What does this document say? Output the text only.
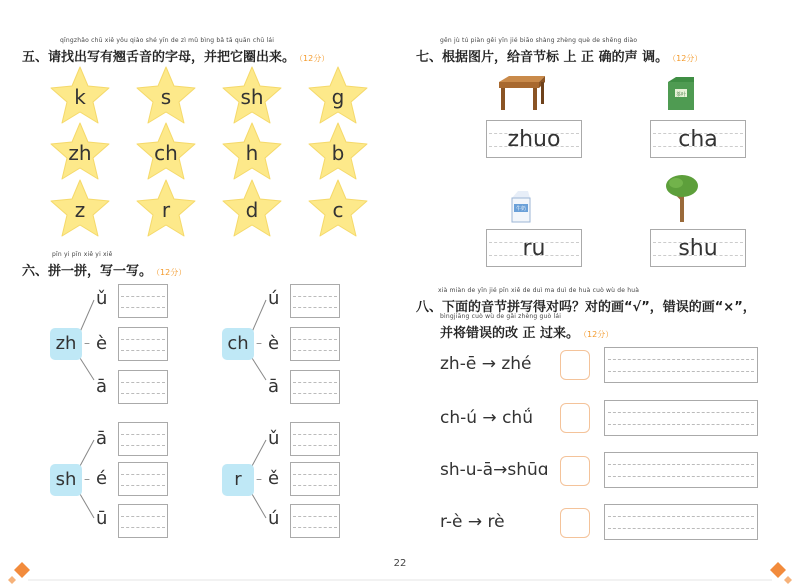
qīngzhǎo chū xiě yǒu qiào shé yīn de zì mǔ bìng bǎ tā quān chū lái
五、请找出写有翘舌音的字母，并把它圈出来。 （12分）
k	s	sh	g
zh	ch	h	b
z	r	d	c
pīn yi pīn xiě yi xiě
六、拼一拼，写一写。 （12分）
zh –
ǔ
è
ā
ch –
ú
è
ā
sh –
ā
é
ū
r	–
ǔ
ě
ú
gēn jù tú piàn gěi yīn jié biāo shàng zhèng què de shēng diào
七、根据图片，给音节标 上 正 确的声 调。 （12分）
茶叶
牛奶
zhuo	cha
ru	shu
xià miàn de yīn jié pīn xiě de duì ma duì de huà cuò wù de huà
八、下面的音节拼写得对吗？对的画“√”，错误的画“×”，
bìngjiāng cuò wù de gǎi zhèng guò lái
并将错误的改 正 过来。 （12分）
zh-ē → zhé
ch-ú → chǘ
sh-u-ā→shūɑ
r-è → rè
22
